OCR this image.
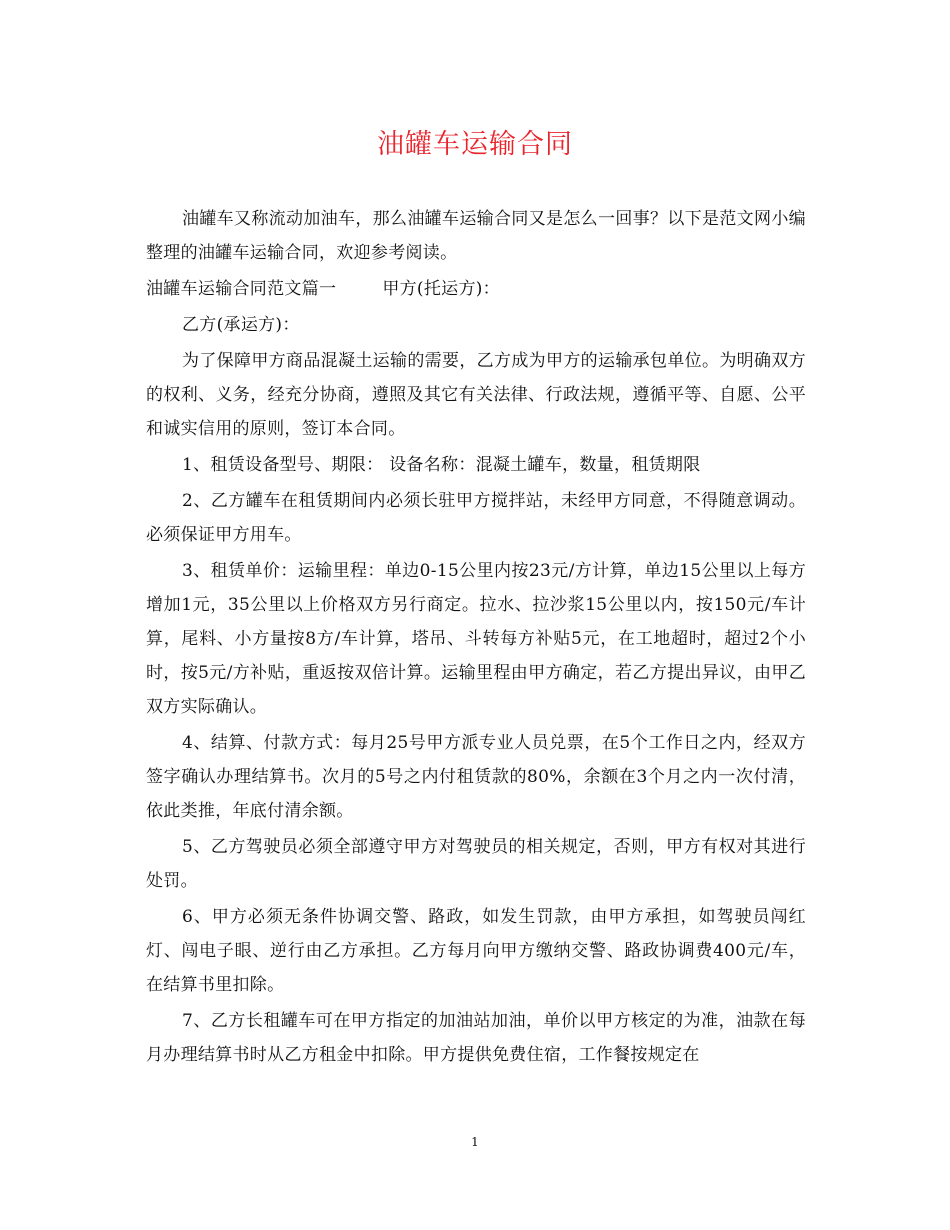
油罐车运输合同

油罐车又称流动加油车，那么油罐车运输合同又是怎么一回事？以下是范文网小编整理的油罐车运输合同，欢迎参考阅读。

油罐车运输合同范文篇一	甲方(托运方)：

乙方(承运方)：

为了保障甲方商品混凝土运输的需要，乙方成为甲方的运输承包单位。为明确双方的权利、义务，经充分协商，遵照及其它有关法律、行政法规，遵循平等、自愿、公平和诚实信用的原则，签订本合同。

1、租赁设备型号、期限： 设备名称：混凝土罐车，数量，租赁期限

2、乙方罐车在租赁期间内必须长驻甲方搅拌站，未经甲方同意，不得随意调动。必须保证甲方用车。

3、租赁单价：运输里程：单边0-15公里内按23元/方计算，单边15公里以上每方增加1元，35公里以上价格双方另行商定。拉水、拉沙浆15公里以内，按150元/车计算，尾料、小方量按8方/车计算，塔吊、斗转每方补贴5元，在工地超时，超过2个小时，按5元/方补贴，重返按双倍计算。运输里程由甲方确定，若乙方提出异议，由甲乙双方实际确认。

4、结算、付款方式：每月25号甲方派专业人员兑票，在5个工作日之内，经双方签字确认办理结算书。次月的5号之内付租赁款的80%，余额在3个月之内一次付清，依此类推，年底付清余额。

5、乙方驾驶员必须全部遵守甲方对驾驶员的相关规定，否则，甲方有权对其进行处罚。

6、甲方必须无条件协调交警、路政，如发生罚款，由甲方承担，如驾驶员闯红灯、闯电子眼、逆行由乙方承担。乙方每月向甲方缴纳交警、路政协调费400元/车，在结算书里扣除。

7、乙方长租罐车可在甲方指定的加油站加油，单价以甲方核定的为准，油款在每月办理结算书时从乙方租金中扣除。甲方提供免费住宿，工作餐按规定在

1
